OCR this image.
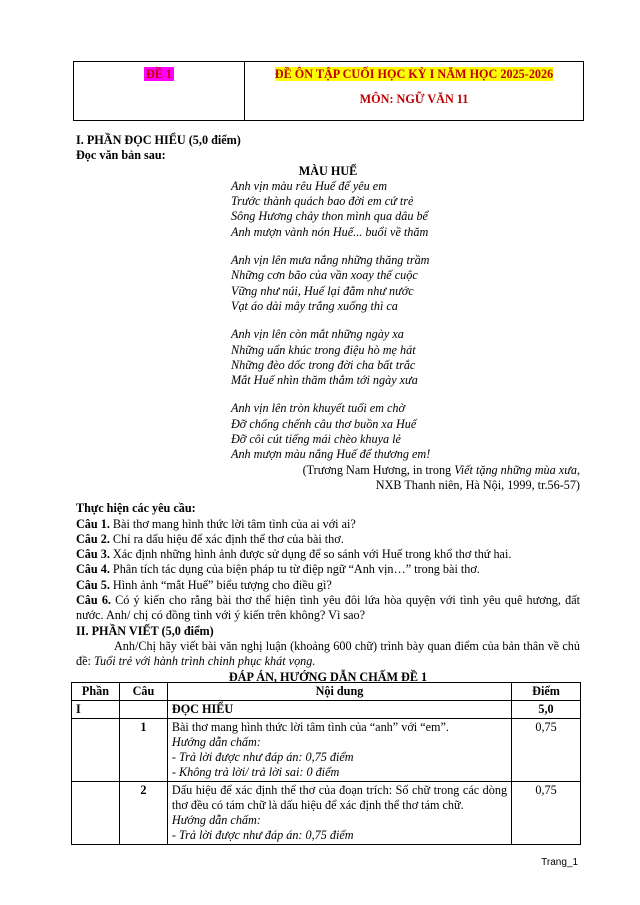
ĐỀ 1	ĐỀ ÔN TẬP CUỐI HỌC KỲ I NĂM HỌC 2025-2026
MÔN: NGỮ VĂN 11

I. PHẦN ĐỌC HIỂU (5,0 điểm)

Đọc văn bản sau:

MÀU HUẾ

Anh vịn màu rêu Huế để yêu em

Trước thành quách bao đời em cứ trẻ

Sông Hương chảy thon mình qua dâu bể

Anh mượn vành nón Huế... buổi về thăm

Anh vịn lên mưa nắng những thăng trầm

Những cơn bão của vần xoay thế cuộc

Vững như núi, Huế lại đằm như nước

Vạt áo dài mây trắng xuống thì ca

Anh vịn lên còn mắt những ngày xa

Những uẩn khúc trong điệu hò mẹ hát

Những đèo dốc trong đời cha bất trắc

Mắt Huế nhìn thăm thẳm tới ngày xưa

Anh vịn lên tròn khuyết tuổi em chờ

Đỡ chống chếnh câu thơ buồn xa Huế

Đỡ côi cút tiếng mái chèo khuya lẻ

Anh mượn màu nắng Huế để thương em!

(Trương Nam Hương, in trong Viết tặng những mùa xưa,

NXB Thanh niên, Hà Nội, 1999, tr.56-57)

Thực hiện các yêu cầu:

Câu 1. Bài thơ mang hình thức lời tâm tình của ai với ai?

Câu 2. Chỉ ra dấu hiệu để xác định thể thơ của bài thơ.

Câu 3. Xác định những hình ảnh được sử dụng để so sánh với Huế trong khổ thơ thứ hai.

Câu 4. Phân tích tác dụng của biện pháp tu từ điệp ngữ “Anh vịn…” trong bài thơ.

Câu 5. Hình ảnh “mắt Huế” biểu tượng cho điều gì?

Câu 6. Có ý kiến cho rằng bài thơ thể hiện tình yêu đôi lứa hòa quyện với tình yêu quê hương, đất nước. Anh/ chị có đồng tình với ý kiến trên không? Vì sao?

II. PHẦN VIẾT (5,0 điểm)

Anh/Chị hãy viết bài văn nghị luận (khoảng 600 chữ) trình bày quan điểm của bản thân về chủ đề: Tuổi trẻ với hành trình chinh phục khát vọng.

ĐÁP ÁN, HƯỚNG DẪN CHẤM ĐỀ 1

Phần	Câu	Nội dung	Điểm
I		ĐỌC HIỂU	5,0
	1	Bài thơ mang hình thức lời tâm tình của “anh” với “em”.
Hướng dẫn chấm:
- Trả lời được như đáp án: 0,75 điểm
- Không trả lời/ trả lời sai: 0 điểm	0,75
	2	Dấu hiệu để xác định thể thơ của đoạn trích: Số chữ trong các dòng thơ đều có tám chữ là dấu hiệu để xác định thể thơ tám chữ.
Hướng dẫn chấm:
- Trả lời được như đáp án: 0,75 điểm	0,75
Trang_1
